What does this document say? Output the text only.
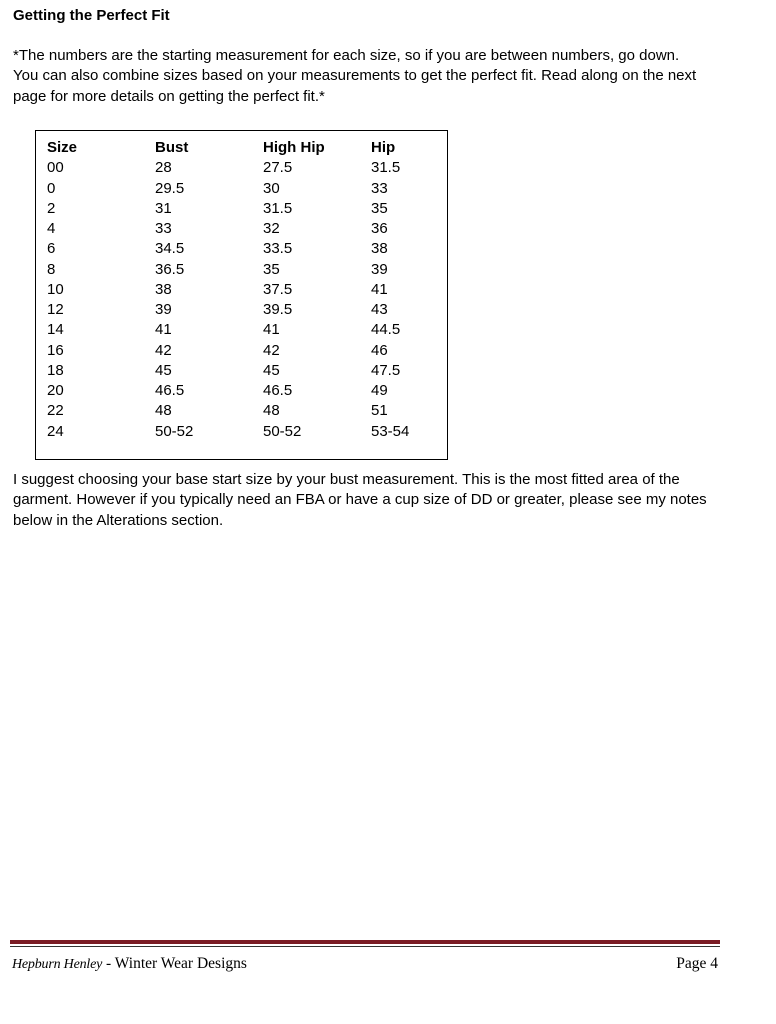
Getting the Perfect Fit
*The numbers are the starting measurement for each size, so if you are between numbers, go down.
You can also combine sizes based on your measurements to get the perfect fit. Read along on the next
page for more details on getting the perfect fit.*
Size	Bust	High Hip	Hip
00	28	27.5	31.5
0	29.5	30	33
2	31	31.5	35
4	33	32	36
6	34.5	33.5	38
8	36.5	35	39
10	38	37.5	41
12	39	39.5	43
14	41	41	44.5
16	42	42	46
18	45	45	47.5
20	46.5	46.5	49
22	48	48	51
24	50-52	50-52	53-54
I suggest choosing your base start size by your bust measurement. This is the most fitted area of the
garment. However if you typically need an FBA or have a cup size of DD or greater, please see my notes
below in the Alterations section.
Hepburn Henley - Winter Wear Designs	Page 4
